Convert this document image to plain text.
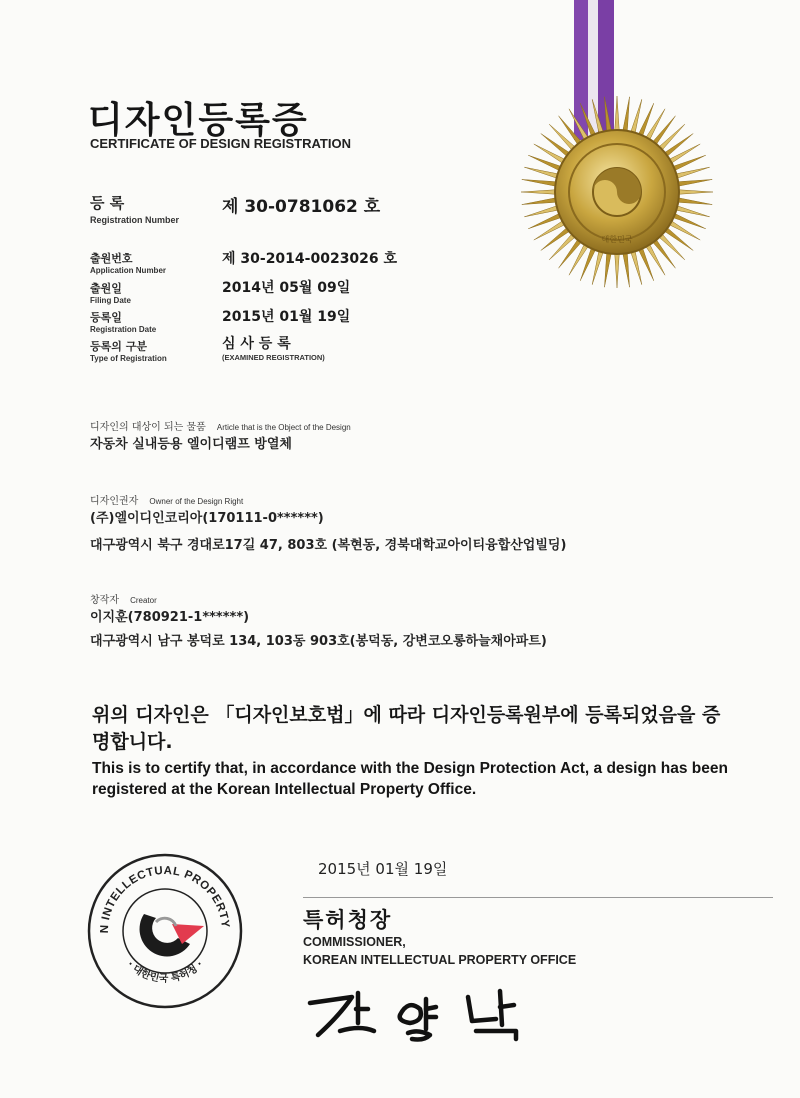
대한민국
디자인등록증
CERTIFICATE OF DESIGN REGISTRATION
등 록
Registration Number
제 30-0781062 호
출원번호
Application Number
제 30-2014-0023026 호
출원일
Filing Date
2014년 05월 09일
등록일
Registration Date
2015년 01월 19일
등록의 구분
Type of Registration
심 사 등 록
(EXAMINED REGISTRATION)
디자인의 대상이 되는 물품 Article that is the Object of the Design
자동차 실내등용 엘이디램프 방열체
디자인권자 Owner of the Design Right
(주)엘이디인코리아(170111-0******)
대구광역시 북구 경대로17길 47, 803호 (복현동, 경북대학교아이티융합산업빌딩)
창작자 Creator
이지훈(780921-1******)
대구광역시 남구 봉덕로 134, 103동 903호(봉덕동, 강변코오롱하늘채아파트)
위의 디자인은 「디자인보호법」에 따라 디자인등록원부에 등록되었음을 증명합니다.
This is to certify that, in accordance with the Design Protection Act, a design has been registered at the Korean Intellectual Property Office.
N INTELLECTUAL PROPERTY
· 대한민국 특허청 ·
2015년 01월 19일
특허청장
COMMISSIONER,
KOREAN INTELLECTUAL PROPERTY OFFICE
